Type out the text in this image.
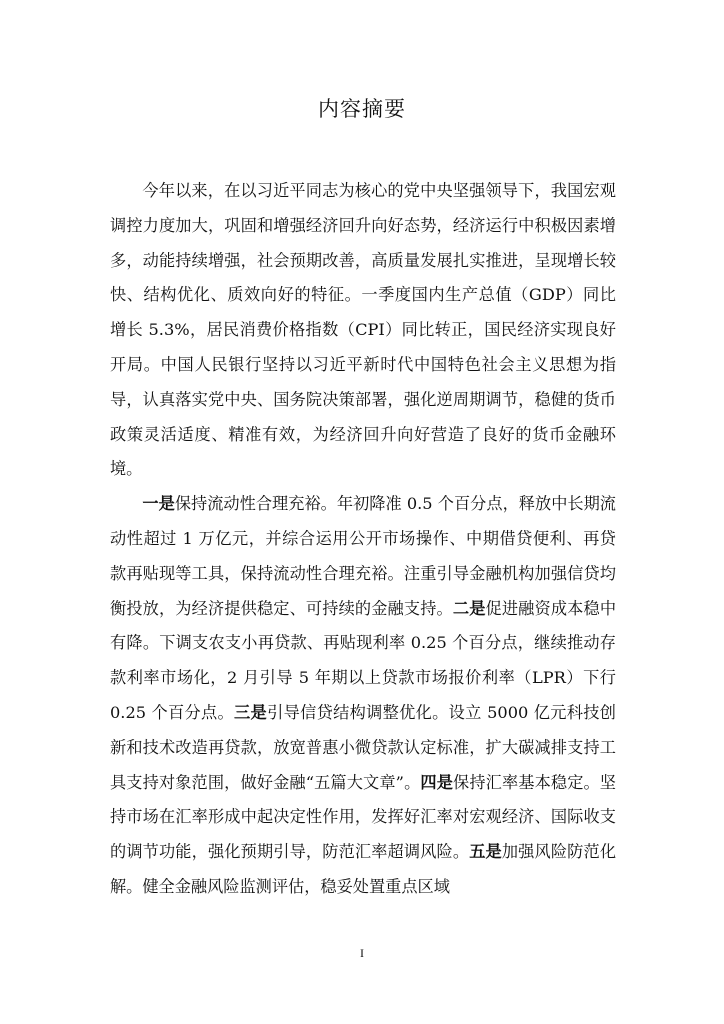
内容摘要

今年以来，在以习近平同志为核心的党中央坚强领导下，我国宏观调控力度加大，巩固和增强经济回升向好态势，经济运行中积极因素增多，动能持续增强，社会预期改善，高质量发展扎实推进，呈现增长较快、结构优化、质效向好的特征。一季度国内生产总值（GDP）同比增长 5.3%，居民消费价格指数（CPI）同比转正，国民经济实现良好开局。中国人民银行坚持以习近平新时代中国特色社会主义思想为指导，认真落实党中央、国务院决策部署，强化逆周期调节，稳健的货币政策灵活适度、精准有效，为经济回升向好营造了良好的货币金融环境。

一是保持流动性合理充裕。年初降准 0.5 个百分点，释放中长期流动性超过 1 万亿元，并综合运用公开市场操作、中期借贷便利、再贷款再贴现等工具，保持流动性合理充裕。注重引导金融机构加强信贷均衡投放，为经济提供稳定、可持续的金融支持。二是促进融资成本稳中有降。下调支农支小再贷款、再贴现利率 0.25 个百分点，继续推动存款利率市场化，2 月引导 5 年期以上贷款市场报价利率（LPR）下行 0.25 个百分点。三是引导信贷结构调整优化。设立 5000 亿元科技创新和技术改造再贷款，放宽普惠小微贷款认定标准，扩大碳减排支持工具支持对象范围，做好金融“五篇大文章”。四是保持汇率基本稳定。坚持市场在汇率形成中起决定性作用，发挥好汇率对宏观经济、国际收支的调节功能，强化预期引导，防范汇率超调风险。五是加强风险防范化解。健全金融风险监测评估，稳妥处置重点区域

I
